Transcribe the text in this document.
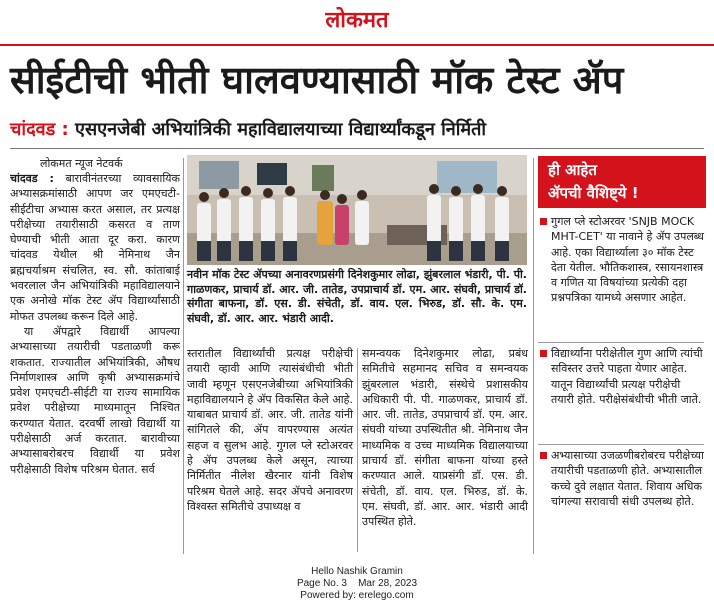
लोकमत
सीईटीची भीती घालवण्यासाठी मॉक टेस्ट ॲप
चांदवड : एसएनजेबी अभियांत्रिकी महाविद्यालयाच्या विद्यार्थ्यांकडून निर्मिती
लोकमत न्यूज नेटवर्क

चांदवड : बारावीनंतरच्या व्यावसायिक अभ्यासक्रमांसाठी आपण जर एमएचटी-सीईटीचा अभ्यास करत असाल, तर प्रत्यक्ष परीक्षेच्या तयारीसाठी कसरत व ताण घेण्याची भीती आता दूर करा. कारण चांदवड येथील श्री नेमिनाथ जैन ब्रह्मचर्याश्रम संचलित, स्व. सौ. कांताबाई भवरलाल जैन अभियांत्रिकी महाविद्यालयाने एक अनोखे मॉक टेस्ट ॲप विद्यार्थ्यांसाठी मोफत उपलब्ध करून दिले आहे.

या ॲपद्वारे विद्यार्थी आपल्या अभ्यासाच्या तयारीची पडताळणी करू शकतात. राज्यातील अभियांत्रिकी, औषध निर्माणशास्त्र आणि कृषी अभ्यासक्रमांचे प्रवेश एमएचटी-सीईटी या राज्य सामायिक प्रवेश परीक्षेच्या माध्यमातून निश्चित करण्यात येतात. दरवर्षी लाखो विद्यार्थी या परीक्षेसाठी अर्ज करतात. बारावीच्या अभ्यासाबरोबरच विद्यार्थी या प्रवेश परीक्षेसाठी विशेष परिश्रम घेतात. सर्व

नवीन मॉक टेस्ट ॲपच्या अनावरणप्रसंगी दिनेशकुमार लोढा, झुंबरलाल भंडारी, पी. पी. गाळणकर, प्राचार्य डॉ. आर. जी. तातेड, उपप्राचार्य डॉ. एम. आर. संघवी, प्राचार्य डॉ. संगीता बाफना, डॉ. एस. डी. संचेती, डॉ. वाय. एल. भिरुड, डॉ. सौ. के. एम. संघवी, डॉ. आर. आर. भंडारी आदी.
स्तरातील विद्यार्थ्यांची प्रत्यक्ष परीक्षेची तयारी व्हावी आणि त्यासंबंधीची भीती जावी म्हणून एसएनजेबीच्या अभियांत्रिकी महाविद्यालयाने हे ॲप विकसित केले आहे. याबाबत प्राचार्य डॉ. आर. जी. तातेड यांनी सांगितले की, ॲप वापरण्यास अत्यंत सहज व सुलभ आहे. गुगल प्ले स्टोअरवर हे ॲप उपलब्ध केले असून, त्याच्या निर्मितीत नीलेश खैरनार यांनी विशेष परिश्रम घेतले आहे. सदर ॲपचे अनावरण विश्वस्त समितीचे उपाध्यक्ष व
समन्वयक दिनेशकुमार लोढा, प्रबंध समितीचे सहमानद सचिव व समन्वयक झुंबरलाल भंडारी, संस्थेचे प्रशासकीय अधिकारी पी. पी. गाळणकर, प्राचार्य डॉ. आर. जी. तातेड, उपप्राचार्य डॉ. एम. आर. संघवी यांच्या उपस्थितीत श्री. नेमिनाथ जैन माध्यमिक व उच्च माध्यमिक विद्यालयाच्या प्राचार्य डॉ. संगीता बाफना यांच्या हस्ते करण्यात आले. याप्रसंगी डॉ. एस. डी. संचेती, डॉ. वाय. एल. भिरुड, डॉ. के. एम. संघवी, डॉ. आर. आर. भंडारी आदी उपस्थित होते.
ही आहेत
ॲपची वैशिष्ट्ये !
गुगल प्ले स्टोअरवर 'SNJB MOCK MHT-CET' या नावाने हे ॲप उपलब्ध आहे. एका विद्यार्थ्याला ३० मॉक टेस्ट देता येतील. भौतिकशास्त्र, रसायनशास्त्र व गणित या विषयांच्या प्रत्येकी दहा प्रश्नपत्रिका यामध्ये असणार आहेत.
विद्यार्थ्यांना परीक्षेतील गुण आणि त्यांची सविस्तर उत्तरे पाहता येणार आहेत. यातून विद्यार्थ्यांची प्रत्यक्ष परीक्षेची तयारी होते. परीक्षेसंबंधीची भीती जाते.
अभ्यासाच्या उजळणीबरोबरच परीक्षेच्या तयारीची पडताळणी होते. अभ्यासातील कच्चे दुवे लक्षात येतात. शिवाय अधिक चांगल्या सरावाची संधी उपलब्ध होते.
Hello Nashik Gramin
Page No. 3    Mar 28, 2023
Powered by: erelego.com
